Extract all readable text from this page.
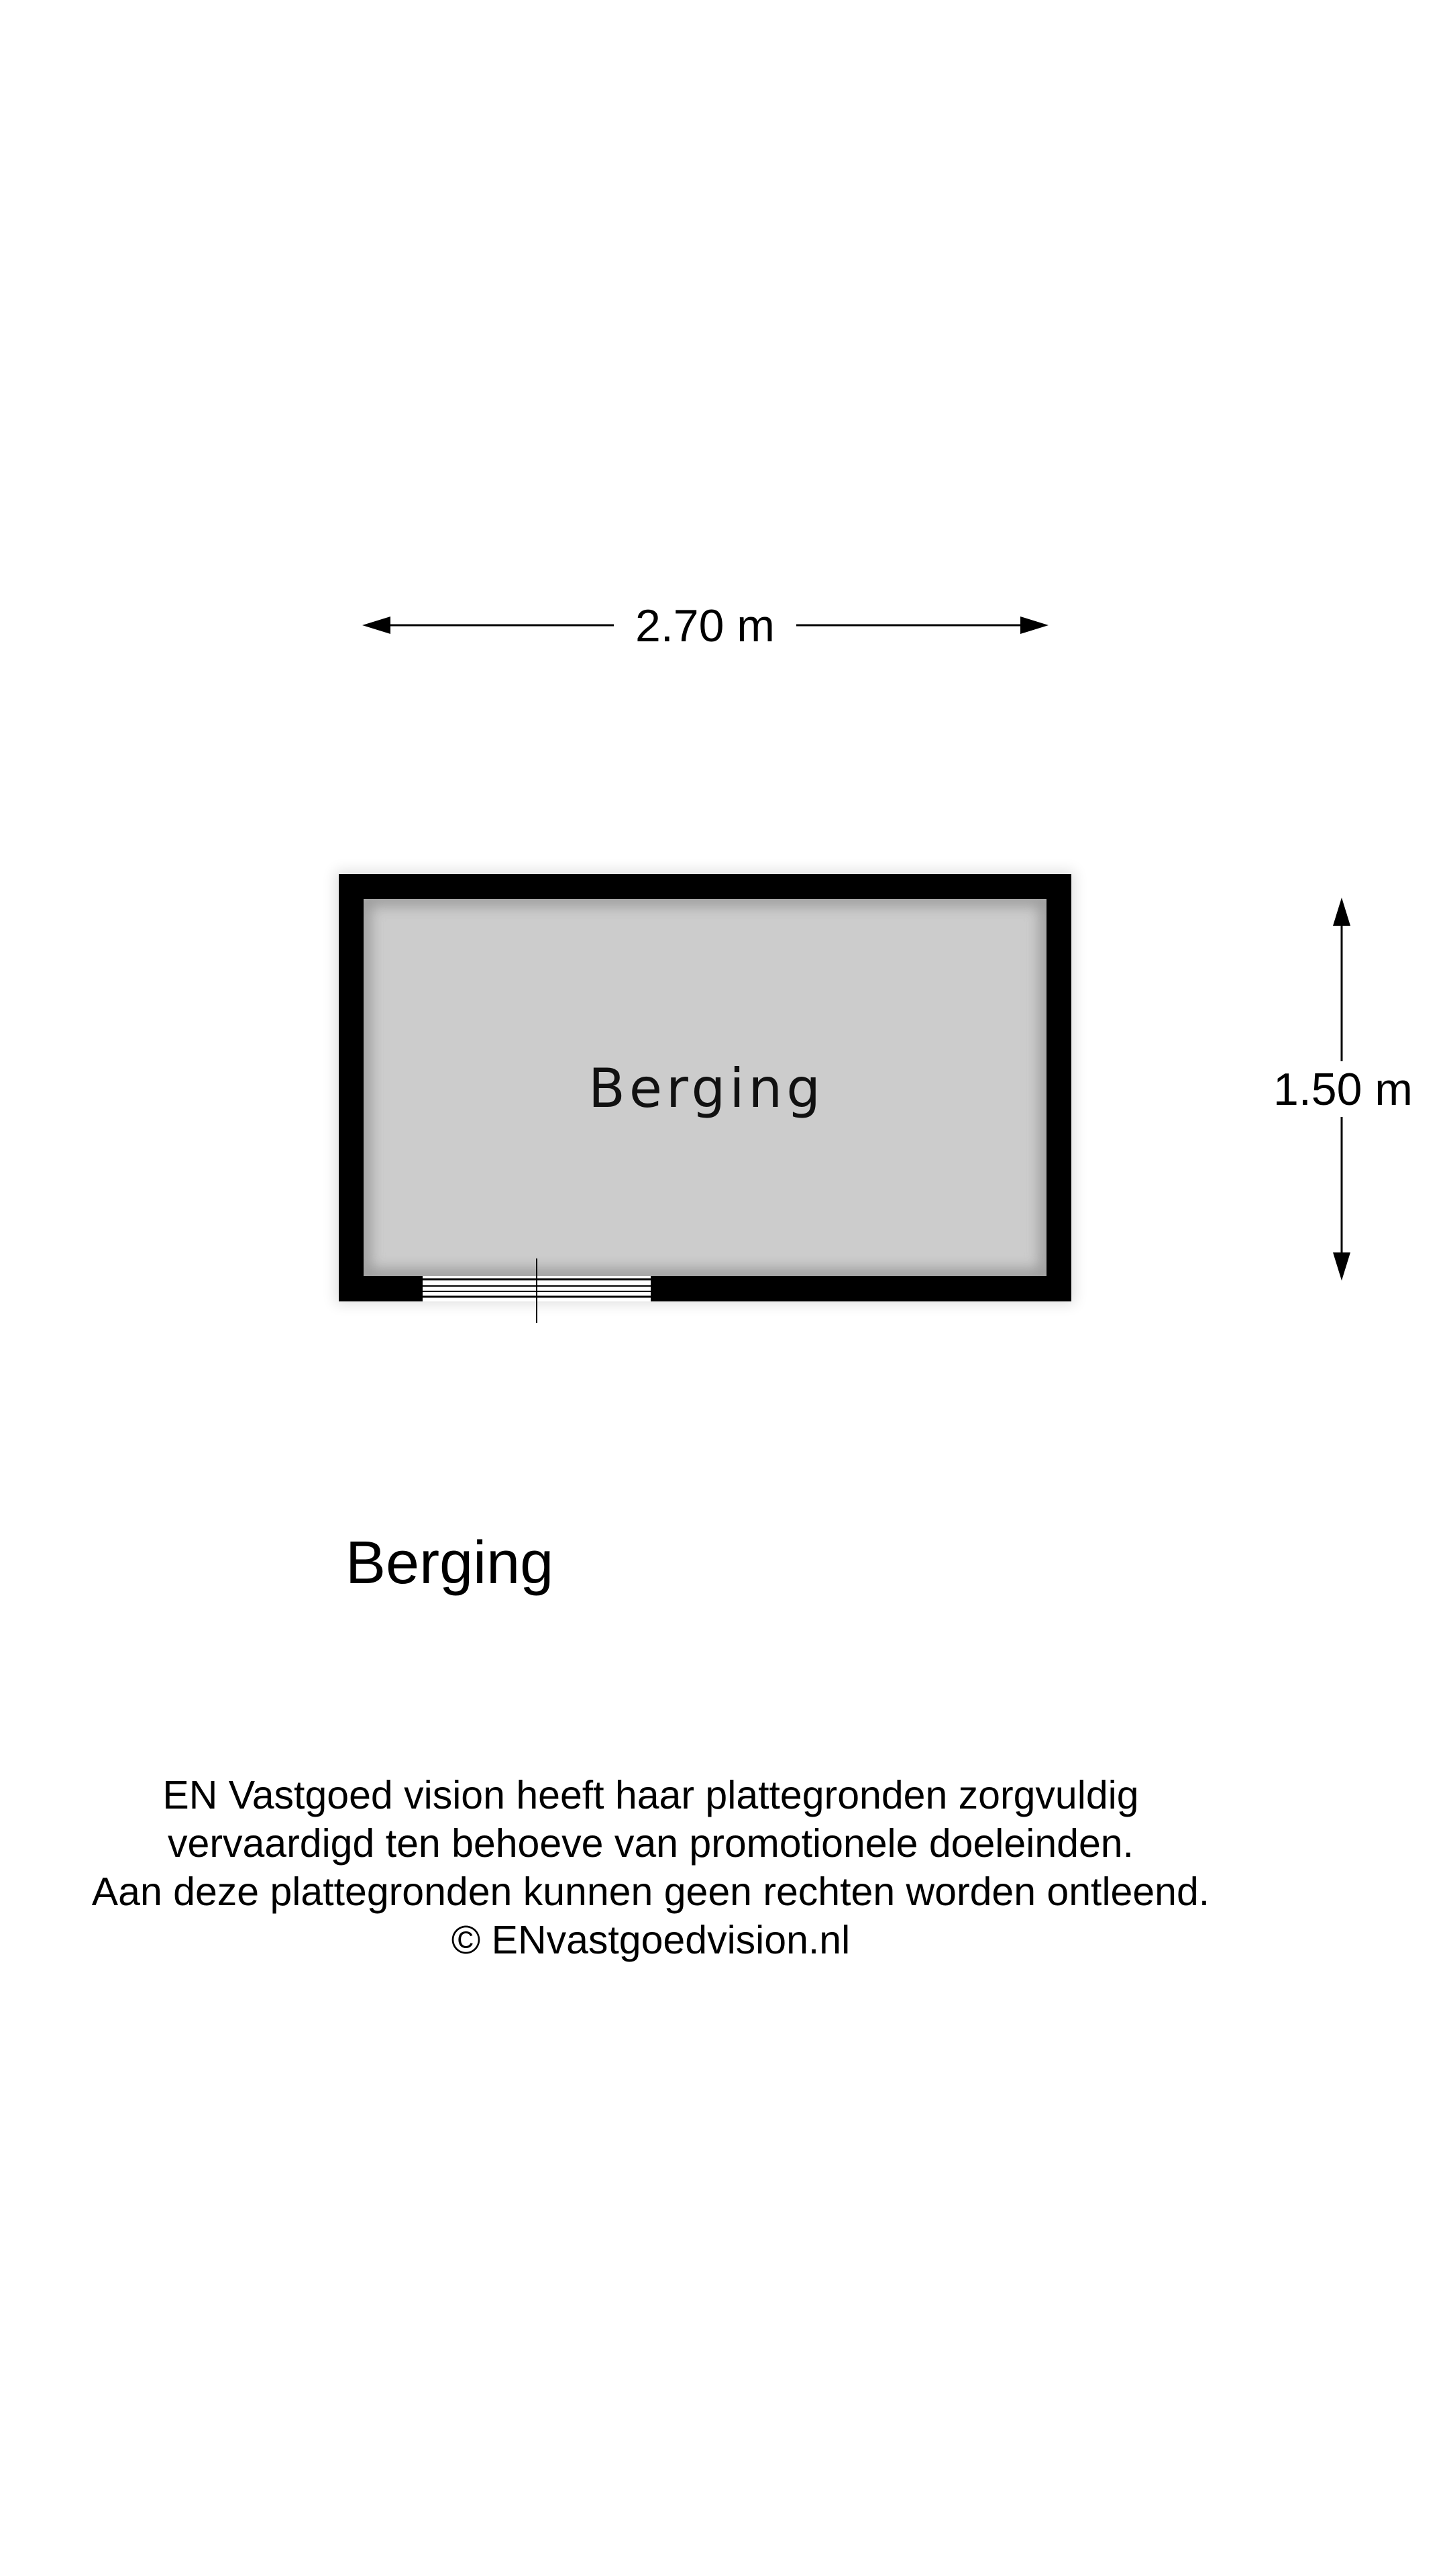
2.70 m
1.50 m
Berging
Berging
EN Vastgoed vision heeft haar plattegronden zorgvuldig
vervaardigd ten behoeve van promotionele doeleinden.
Aan deze plattegronden kunnen geen rechten worden ontleend.
© ENvastgoedvision.nl
